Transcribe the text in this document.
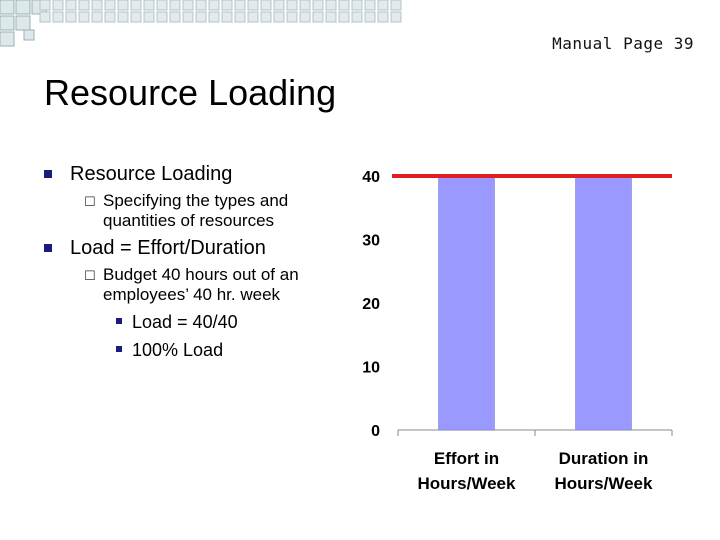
Manual Page 39
Resource Loading
Resource Loading
☐ Specifying the types and quantities of resources
Load = Effort/Duration
☐ Budget 40 hours out of an employees’ 40 hr. week
Load = 40/40
100% Load
0
10
20
30
40
Effort in
Hours/Week
Duration in
Hours/Week
